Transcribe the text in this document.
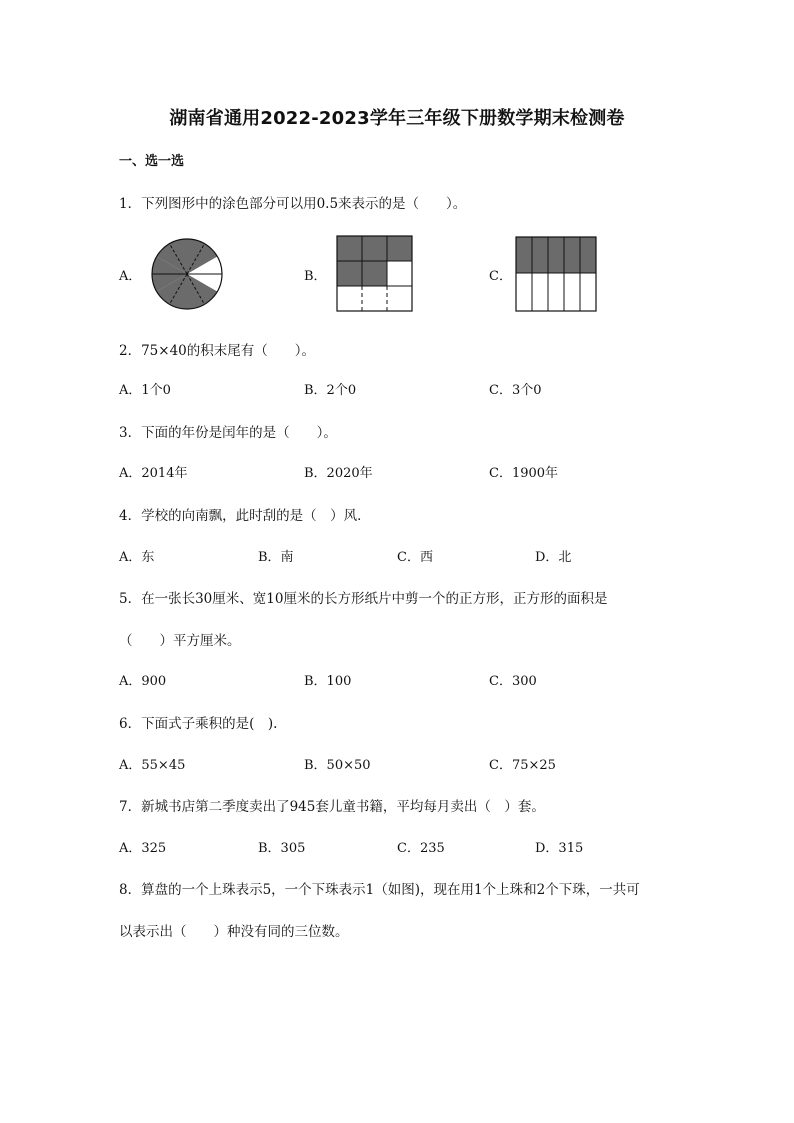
湖南省通用2022-2023学年三年级下册数学期末检测卷
一、选一选
1．下列图形中的涂色部分可以用0.5来表示的是（　　）。
A．	B．	C．
2．75×40的积末尾有（　　）。
A．1个0	B．2个0	C．3个0
3．下面的年份是闰年的是（　　）。
A．2014年	B．2020年	C．1900年
4．学校的向南飘，此时刮的是（　）风．
A．东	B．南	C．西	D．北
5．在一张长30厘米、宽10厘米的长方形纸片中剪一个的正方形，正方形的面积是
（　　）平方厘米。
A．900	B．100	C．300
6．下面式子乘积的是(　).
A．55×45	B．50×50	C．75×25
7．新城书店第二季度卖出了945套儿童书籍，平均每月卖出（　）套。
A．325	B．305	C．235	D．315
8．算盘的一个上珠表示5，一个下珠表示1（如图)，现在用1个上珠和2个下珠，一共可
以表示出（　　）种没有同的三位数。
